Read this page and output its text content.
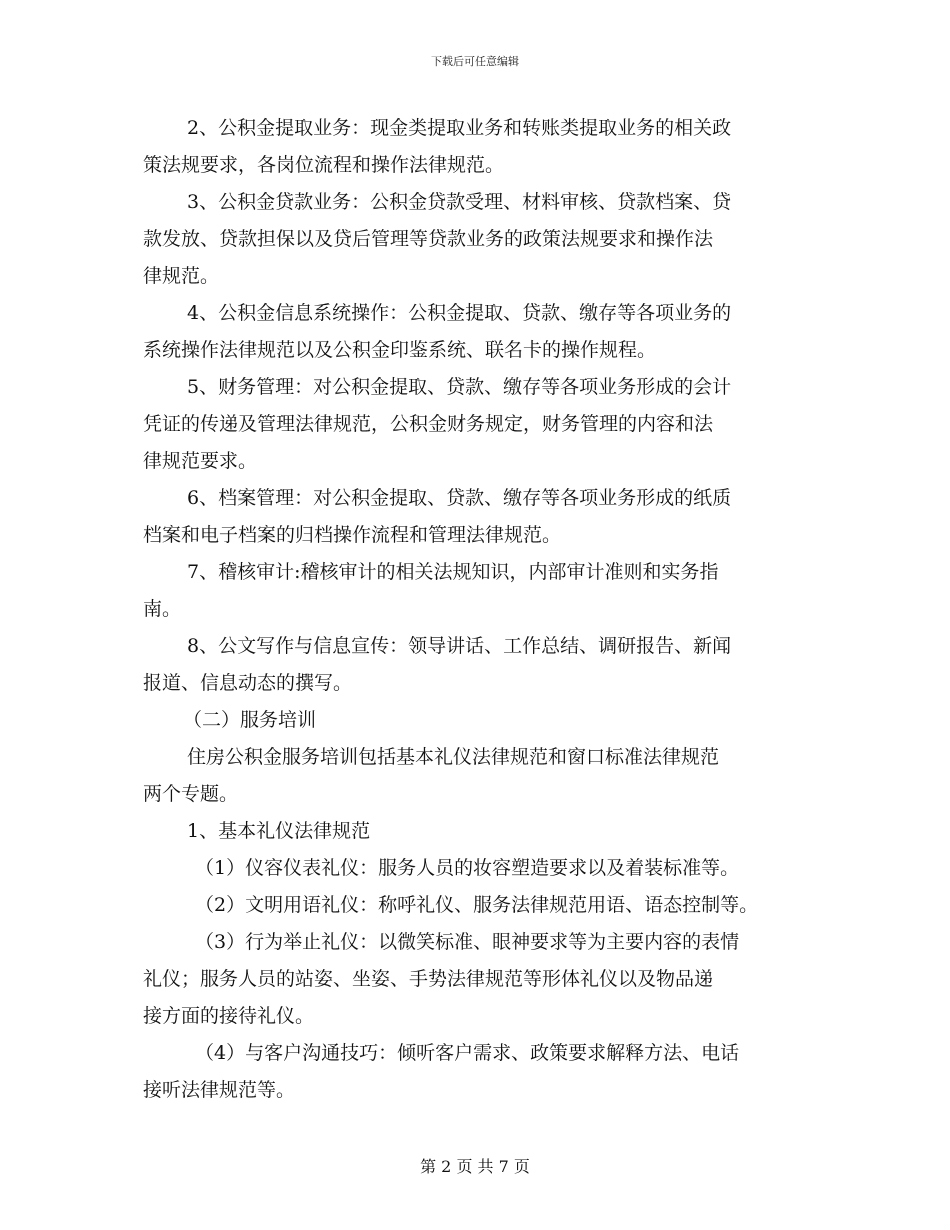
下载后可任意编辑
2、公积金提取业务：现金类提取业务和转账类提取业务的相关政
策法规要求，各岗位流程和操作法律规范。
3、公积金贷款业务：公积金贷款受理、材料审核、贷款档案、贷
款发放、贷款担保以及贷后管理等贷款业务的政策法规要求和操作法
律规范。
4、公积金信息系统操作：公积金提取、贷款、缴存等各项业务的
系统操作法律规范以及公积金印鉴系统、联名卡的操作规程。
5、财务管理：对公积金提取、贷款、缴存等各项业务形成的会计
凭证的传递及管理法律规范，公积金财务规定，财务管理的内容和法
律规范要求。
6、档案管理：对公积金提取、贷款、缴存等各项业务形成的纸质
档案和电子档案的归档操作流程和管理法律规范。
7、稽核审计:稽核审计的相关法规知识，内部审计准则和实务指
南。
8、公文写作与信息宣传：领导讲话、工作总结、调研报告、新闻
报道、信息动态的撰写。
（二）服务培训
住房公积金服务培训包括基本礼仪法律规范和窗口标准法律规范
两个专题。
1、基本礼仪法律规范
（1）仪容仪表礼仪：服务人员的妆容塑造要求以及着装标准等。
（2）文明用语礼仪：称呼礼仪、服务法律规范用语、语态控制等。
（3）行为举止礼仪：以微笑标准、眼神要求等为主要内容的表情
礼仪；服务人员的站姿、坐姿、手势法律规范等形体礼仪以及物品递
接方面的接待礼仪。
（4）与客户沟通技巧：倾听客户需求、政策要求解释方法、电话
接听法律规范等。
第 2 页 共 7 页
